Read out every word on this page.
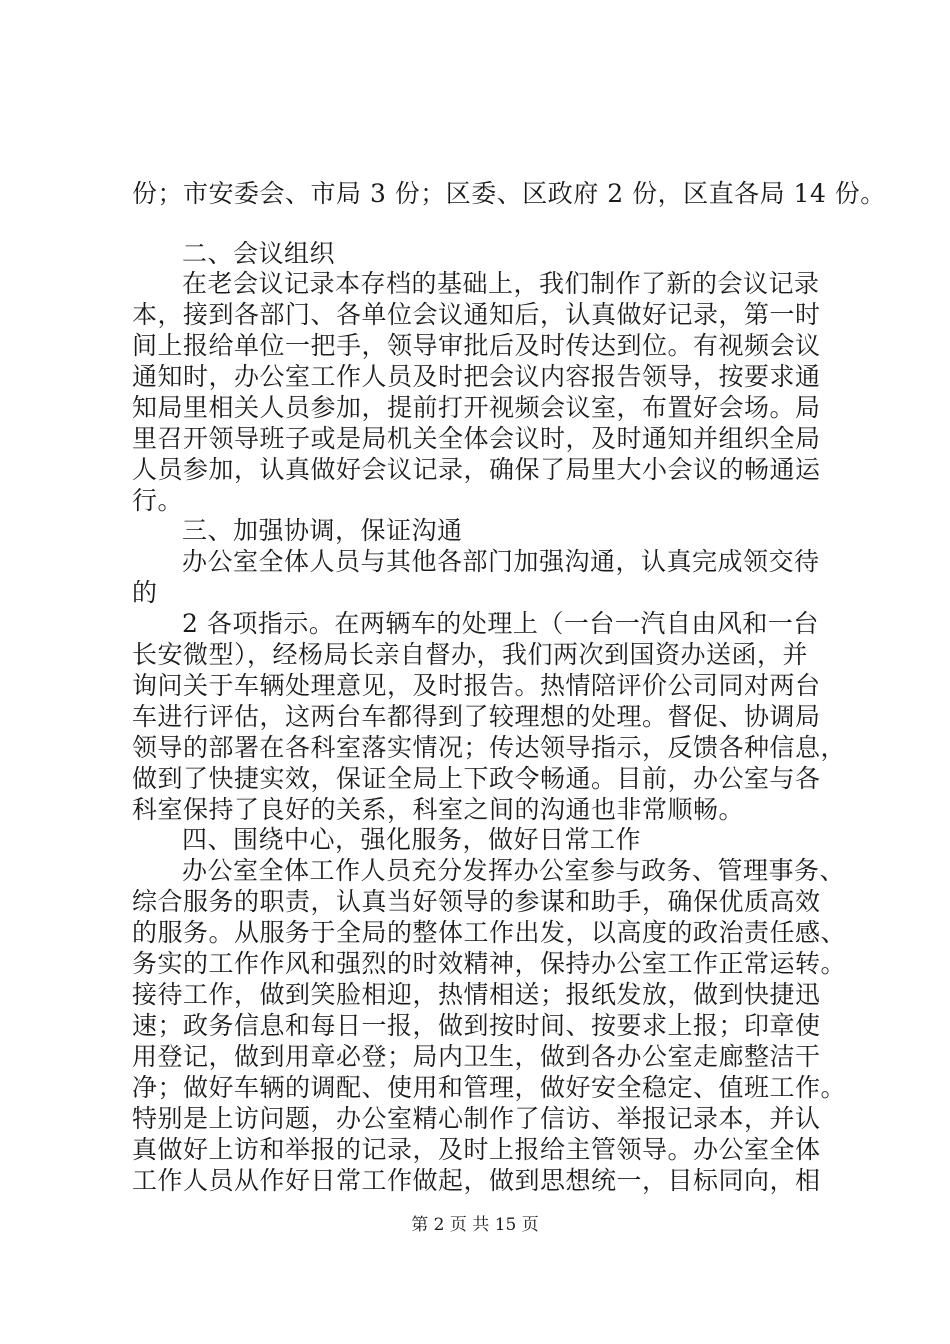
份；市安委会、市局 3 份；区委、区政府 2 份，区直各局 14 份。
二、会议组织
在老会议记录本存档的基础上，我们制作了新的会议记录
本，接到各部门、各单位会议通知后，认真做好记录，第一时
间上报给单位一把手，领导审批后及时传达到位。有视频会议
通知时，办公室工作人员及时把会议内容报告领导，按要求通
知局里相关人员参加，提前打开视频会议室，布置好会场。局
里召开领导班子或是局机关全体会议时，及时通知并组织全局
人员参加，认真做好会议记录，确保了局里大小会议的畅通运
行。
三、加强协调，保证沟通
办公室全体人员与其他各部门加强沟通，认真完成领交待
的
2 各项指示。在两辆车的处理上（一台一汽自由风和一台
长安微型），经杨局长亲自督办，我们两次到国资办送函，并
询问关于车辆处理意见，及时报告。热情陪评价公司同对两台
车进行评估，这两台车都得到了较理想的处理。督促、协调局
领导的部署在各科室落实情况；传达领导指示，反馈各种信息，
做到了快捷实效，保证全局上下政令畅通。目前，办公室与各
科室保持了良好的关系，科室之间的沟通也非常顺畅。
四、围绕中心，强化服务，做好日常工作
办公室全体工作人员充分发挥办公室参与政务、管理事务、
综合服务的职责，认真当好领导的参谋和助手，确保优质高效
的服务。从服务于全局的整体工作出发，以高度的政治责任感、
务实的工作作风和强烈的时效精神，保持办公室工作正常运转。
接待工作，做到笑脸相迎，热情相送；报纸发放，做到快捷迅
速；政务信息和每日一报，做到按时间、按要求上报；印章使
用登记，做到用章必登；局内卫生，做到各办公室走廊整洁干
净；做好车辆的调配、使用和管理，做好安全稳定、值班工作。
特别是上访问题，办公室精心制作了信访、举报记录本，并认
真做好上访和举报的记录，及时上报给主管领导。办公室全体
工作人员从作好日常工作做起，做到思想统一，目标同向，相
第 2 页 共 15 页
